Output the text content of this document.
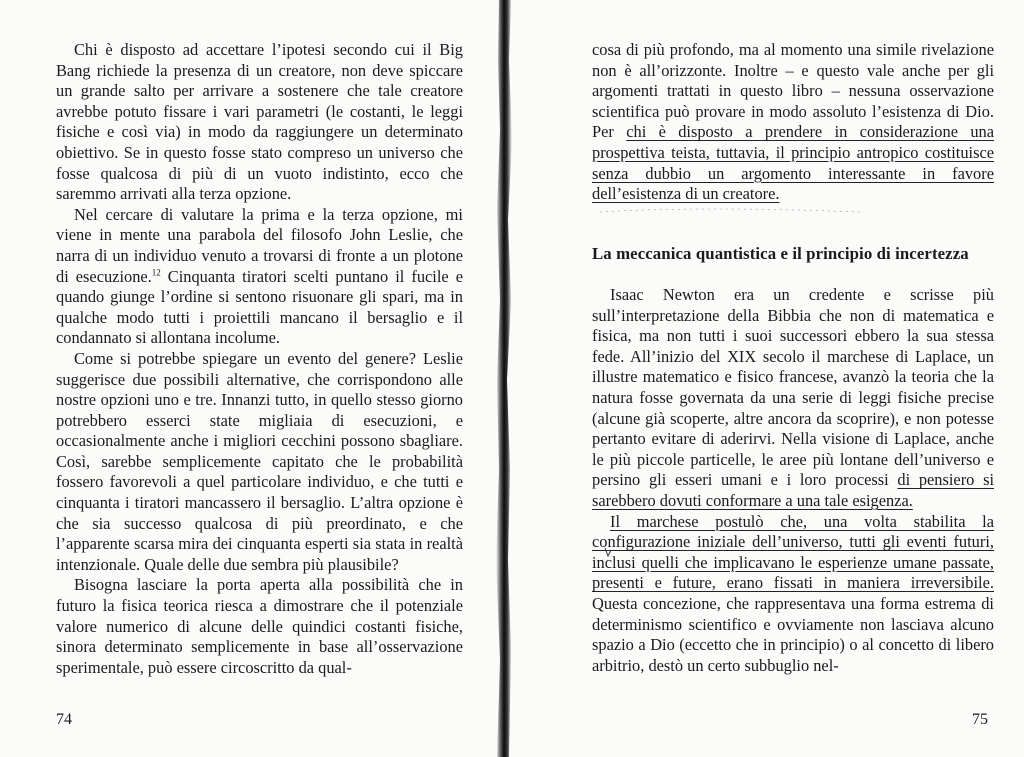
Chi è disposto ad accettare l’ipotesi secondo cui il Big Bang richiede la presenza di un creatore, non deve spiccare un grande salto per arrivare a sostenere che tale creatore avrebbe potuto fissare i vari parametri (le costanti, le leggi fisiche e così via) in modo da raggiungere un determinato obiettivo. Se in questo fosse stato compreso un universo che fosse qualcosa di più di un vuoto indistinto, ecco che saremmo arrivati alla terza opzione.

Nel cercare di valutare la prima e la terza opzione, mi viene in mente una parabola del filosofo John Leslie, che narra di un individuo venuto a trovarsi di fronte a un plotone di esecuzione.$^{12}$ Cinquanta tiratori scelti puntano il fucile e quando giunge l’ordine si sentono risuonare gli spari, ma in qualche modo tutti i proiettili mancano il bersaglio e il condannato si allontana incolume.

Come si potrebbe spiegare un evento del genere? Leslie suggerisce due possibili alternative, che corrispondono alle nostre opzioni uno e tre. Innanzi tutto, in quello stesso giorno potrebbero esserci state migliaia di esecuzioni, e occasionalmente anche i migliori cecchini possono sbagliare. Così, sarebbe semplicemente capitato che le probabilità fossero favorevoli a quel particolare individuo, e che tutti e cinquanta i tiratori mancassero il bersaglio. L’altra opzione è che sia successo qualcosa di più preordinato, e che l’apparente scarsa mira dei cinquanta esperti sia stata in realtà intenzionale. Quale delle due sembra più plausibile?

Bisogna lasciare la porta aperta alla possibilità che in futuro la fisica teorica riesca a dimostrare che il potenziale valore numerico di alcune delle quindici costanti fisiche, sinora determinato semplicemente in base all’osservazione sperimentale, può essere circoscritto da qual-

74

cosa di più profondo, ma al momento una simile rivelazione non è all’orizzonte. Inoltre – e questo vale anche per gli argomenti trattati in questo libro – nessuna osservazione scientifica può provare in modo assoluto l’esistenza di Dio. Per chi è disposto a prendere in considerazione una prospettiva teista, tuttavia, il principio antropico costituisce senza dubbio un argomento interessante in favore dell’esistenza di un creatore.

La meccanica quantistica e il principio di incertezza

Isaac Newton era un credente e scrisse più sull’interpretazione della Bibbia che non di matematica e fisica, ma non tutti i suoi successori ebbero la sua stessa fede. All’inizio del XIX secolo il marchese di Laplace, un illustre matematico e fisico francese, avanzò la teoria che la natura fosse governata da una serie di leggi fisiche precise (alcune già scoperte, altre ancora da scoprire), e non potesse pertanto evitare di aderirvi. Nella visione di Laplace, anche le più piccole particelle, le aree più lontane dell’universo e persino gli esseri umani e i loro processi di pensiero si sarebbero dovuti conformare a una tale esigenza.

Il marchese postulò che, una volta stabilita la configurazione iniziale dell’universo, tutti gli eventi futuri, inclusi quelli che implicavano le esperienze umane passate, presenti e future, erano fissati in maniera irreversibile. Questa concezione, che rappresentava una forma estrema di determinismo scientifico e ovviamente non lasciava alcuno spazio a Dio (eccetto che in principio) o al concetto di libero arbitrio, destò un certo subbuglio nel-

75
